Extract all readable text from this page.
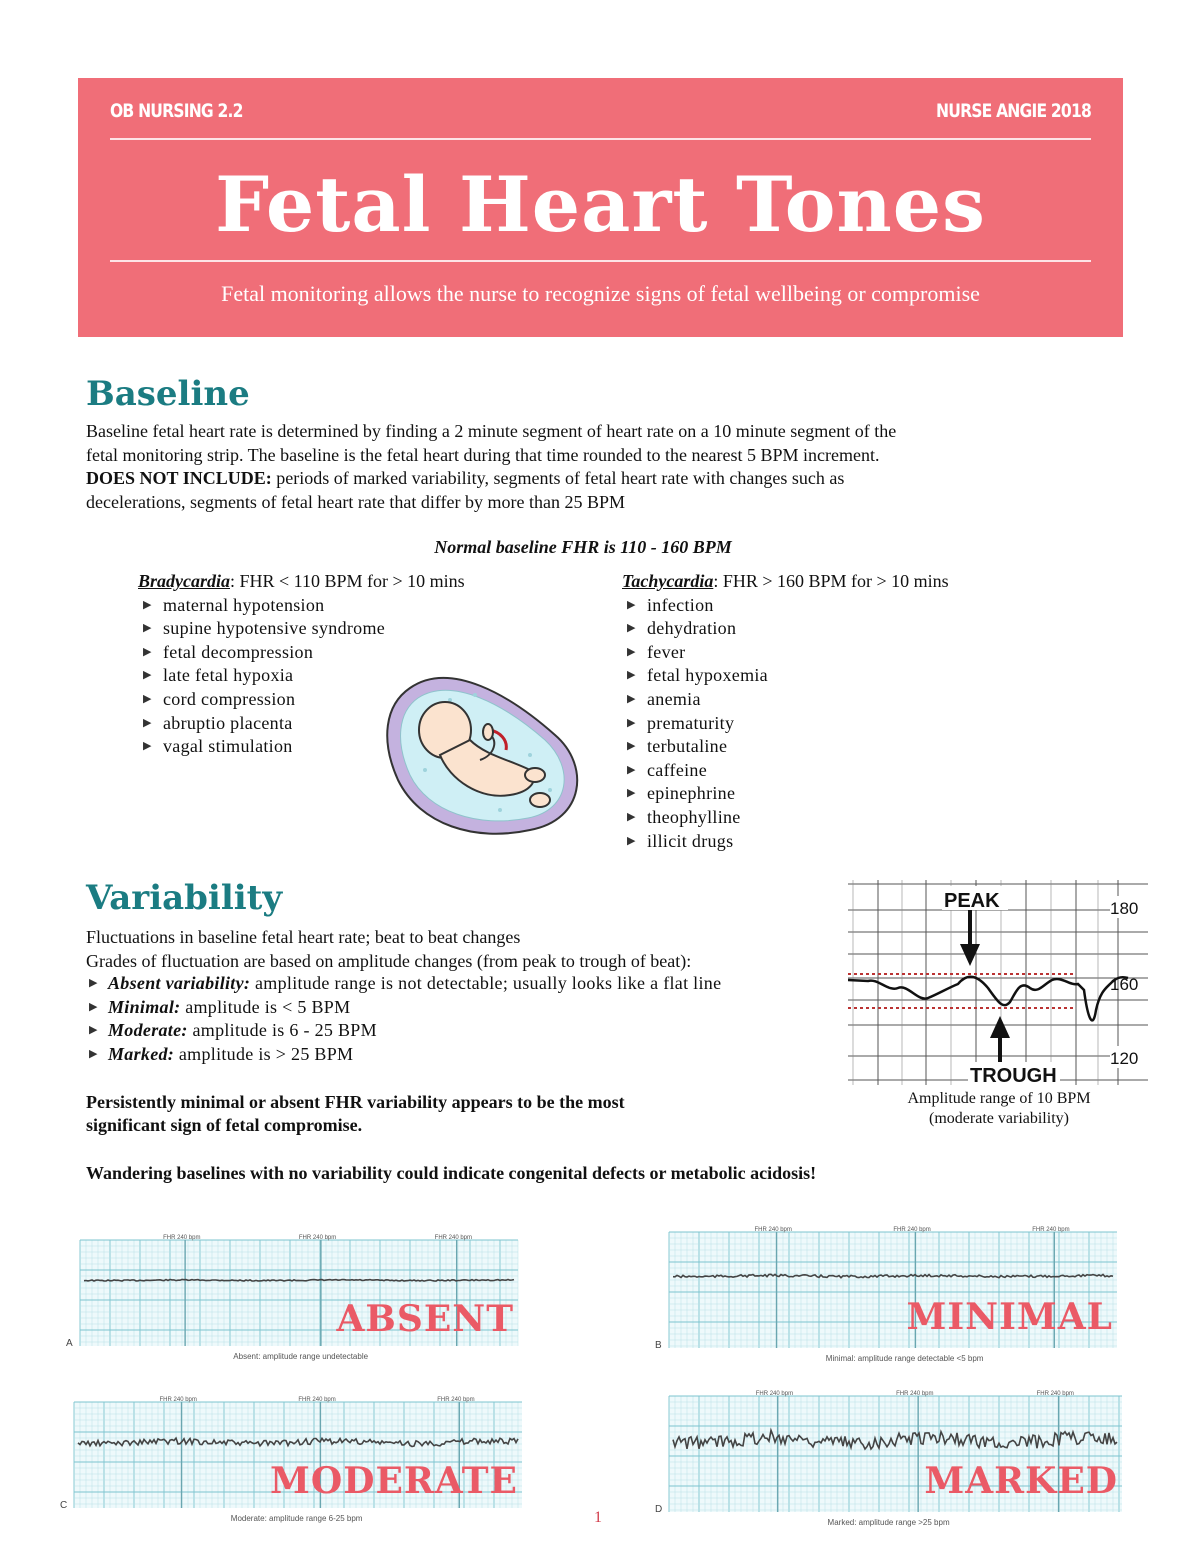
OB NURSING 2.2	NURSE ANGIE 2018
Fetal Heart Tones
Fetal monitoring allows the nurse to recognize signs of fetal wellbeing or compromise
Baseline
Baseline fetal heart rate is determined by finding a 2 minute segment of heart rate on a 10 minute segment of the
fetal monitoring strip. The baseline is the fetal heart during that time rounded to the nearest 5 BPM increment.
DOES NOT INCLUDE: periods of marked variability, segments of fetal heart rate with changes such as
decelerations, segments of fetal heart rate that differ by more than 25 BPM
Normal baseline FHR is 110 - 160 BPM
Bradycardia: FHR < 110 BPM for > 10 mins
▶ maternal hypotension
▶ supine hypotensive syndrome
▶ fetal decompression
▶ late fetal hypoxia
▶ cord compression
▶ abruptio placenta
▶ vagal stimulation
Tachycardia: FHR > 160 BPM for > 10 mins
▶ infection
▶ dehydration
▶ fever
▶ fetal hypoxemia
▶ anemia
▶ prematurity
▶ terbutaline
▶ caffeine
▶ epinephrine
▶ theophylline
▶ illicit drugs
Variability
Fluctuations in baseline fetal heart rate; beat to beat changes
Grades of fluctuation are based on amplitude changes (from peak to trough of beat):
▶ Absent variability: amplitude range is not detectable; usually looks like a flat line
▶ Minimal: amplitude is < 5 BPM
▶ Moderate: amplitude is 6 - 25 BPM
▶ Marked: amplitude is > 25 BPM
Persistently minimal or absent FHR variability appears to be the most
significant sign of fetal compromise.
Wandering baselines with no variability could indicate congenital defects or metabolic acidosis!
PEAK
TROUGH
180
160
120
Amplitude range of 10 BPM
(moderate variability)
FHR 240 bpm	FHR 240 bpm	FHR 240 bpm
ABSENT
A
Absent: amplitude range undetectable
FHR 240 bpm	FHR 240 bpm	FHR 240 bpm
MINIMAL
B
Minimal: amplitude range detectable <5 bpm
FHR 240 bpm	FHR 240 bpm	FHR 240 bpm
MODERATE
C
Moderate: amplitude range 6-25 bpm
FHR 240 bpm	FHR 240 bpm	FHR 240 bpm
MARKED
D
Marked: amplitude range >25 bpm
1
